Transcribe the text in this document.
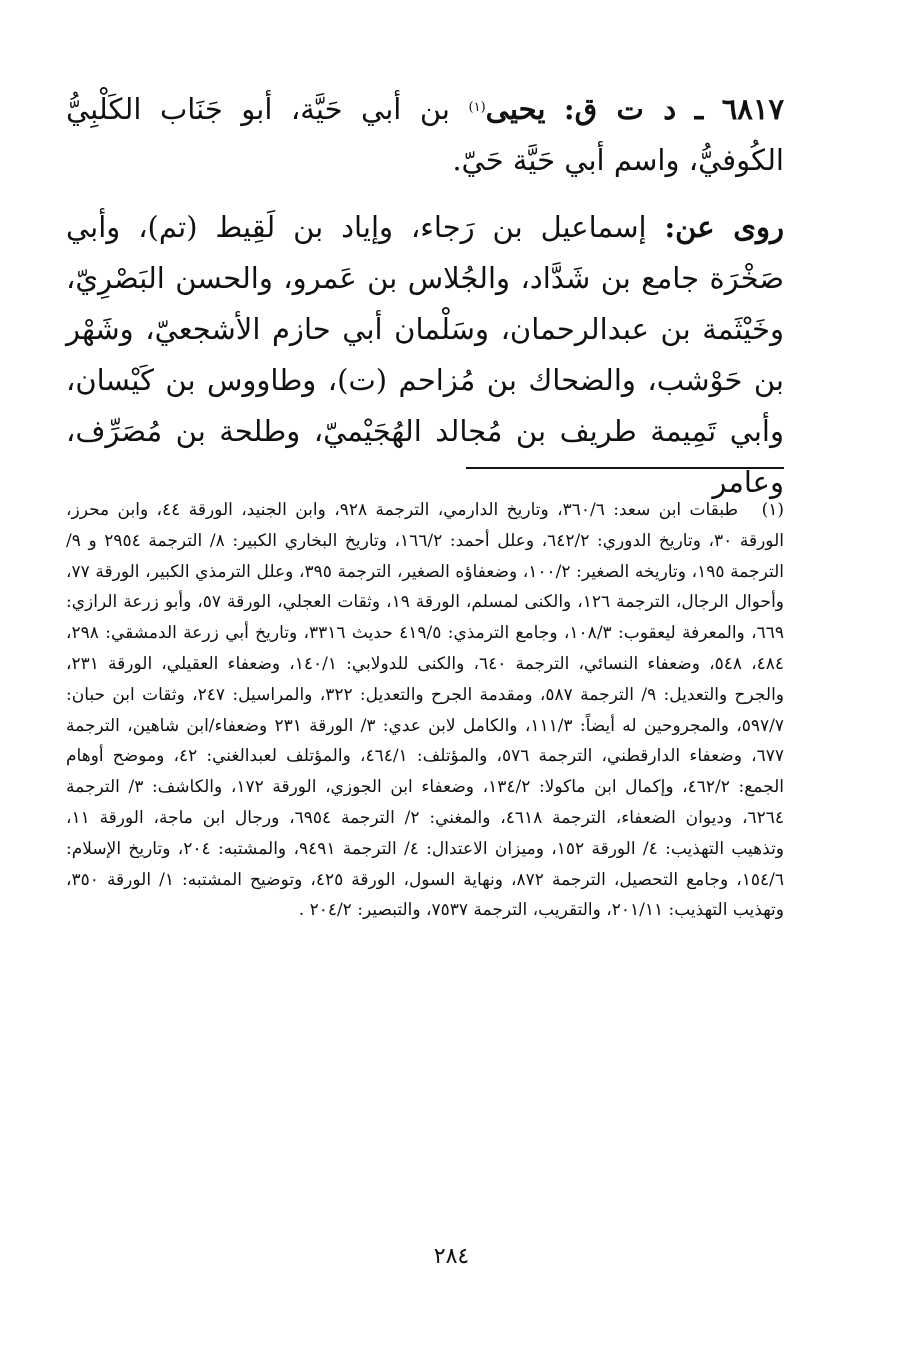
٦٨١٧ ـ د ت ق: يحيى$^{(١)}$ بن أبي حَيَّة، أبو جَنَاب الكَلْبِيُّ الكُوفيُّ، واسم أبي حَيَّة حَيّ.

روى عن: إسماعيل بن رَجاء، وإياد بن لَقِيط (تم)، وأبي صَخْرَة جامع بن شَدَّاد، والجُلاس بن عَمرو، والحسن البَصْرِيّ، وخَيْثَمة بن عبدالرحمان، وسَلْمان أبي حازم الأشجعيّ، وشَهْر بن حَوْشب، والضحاك بن مُزاحم (ت)، وطاووس بن كَيْسان، وأبي تَمِيمة طريف بن مُجالد الهُجَيْميّ، وطلحة بن مُصَرِّف، وعامر

(١)طبقات ابن سعد: ٣٦٠/٦، وتاريخ الدارمي، الترجمة ٩٢٨، وابن الجنيد، الورقة ٤٤، وابن محرز، الورقة ٣٠، وتاريخ الدوري: ٦٤٢/٢، وعلل أحمد: ١٦٦/٢، وتاريخ البخاري الكبير: ٨/ الترجمة ٢٩٥٤ و ٩/ الترجمة ١٩٥، وتاريخه الصغير: ١٠٠/٢، وضعفاؤه الصغير، الترجمة ٣٩٥، وعلل الترمذي الكبير، الورقة ٧٧، وأحوال الرجال، الترجمة ١٢٦، والكنى لمسلم، الورقة ١٩، وثقات العجلي، الورقة ٥٧، وأبو زرعة الرازي: ٦٦٩، والمعرفة ليعقوب: ١٠٨/٣، وجامع الترمذي: ٤١٩/٥ حديث ٣٣١٦، وتاريخ أبي زرعة الدمشقي: ٢٩٨، ٤٨٤، ٥٤٨، وضعفاء النسائي، الترجمة ٦٤٠، والكنى للدولابي: ١٤٠/١، وضعفاء العقيلي، الورقة ٢٣١، والجرح والتعديل: ٩/ الترجمة ٥٨٧، ومقدمة الجرح والتعديل: ٣٢٢، والمراسيل: ٢٤٧، وثقات ابن حبان: ٥٩٧/٧، والمجروحين له أيضاً: ١١١/٣، والكامل لابن عدي: ٣/ الورقة ٢٣١ وضعفاء/ابن شاهين، الترجمة ٦٧٧، وضعفاء الدارقطني، الترجمة ٥٧٦، والمؤتلف: ٤٦٤/١، والمؤتلف لعبدالغني: ٤٢، وموضح أوهام الجمع: ٤٦٢/٢، وإكمال ابن ماكولا: ١٣٤/٢، وضعفاء ابن الجوزي، الورقة ١٧٢، والكاشف: ٣/ الترجمة ٦٢٦٤، وديوان الضعفاء، الترجمة ٤٦١٨، والمغني: ٢/ الترجمة ٦٩٥٤، ورجال ابن ماجة، الورقة ١١، وتذهيب التهذيب: ٤/ الورقة ١٥٢، وميزان الاعتدال: ٤/ الترجمة ٩٤٩١، والمشتبه: ٢٠٤، وتاريخ الإسلام: ١٥٤/٦، وجامع التحصيل، الترجمة ٨٧٢، ونهاية السول، الورقة ٤٢٥، وتوضيح المشتبه: ١/ الورقة ٣٥٠، وتهذيب التهذيب: ٢٠١/١١، والتقريب، الترجمة ٧٥٣٧، والتبصير: ٢٠٤/٢ .
٢٨٤
